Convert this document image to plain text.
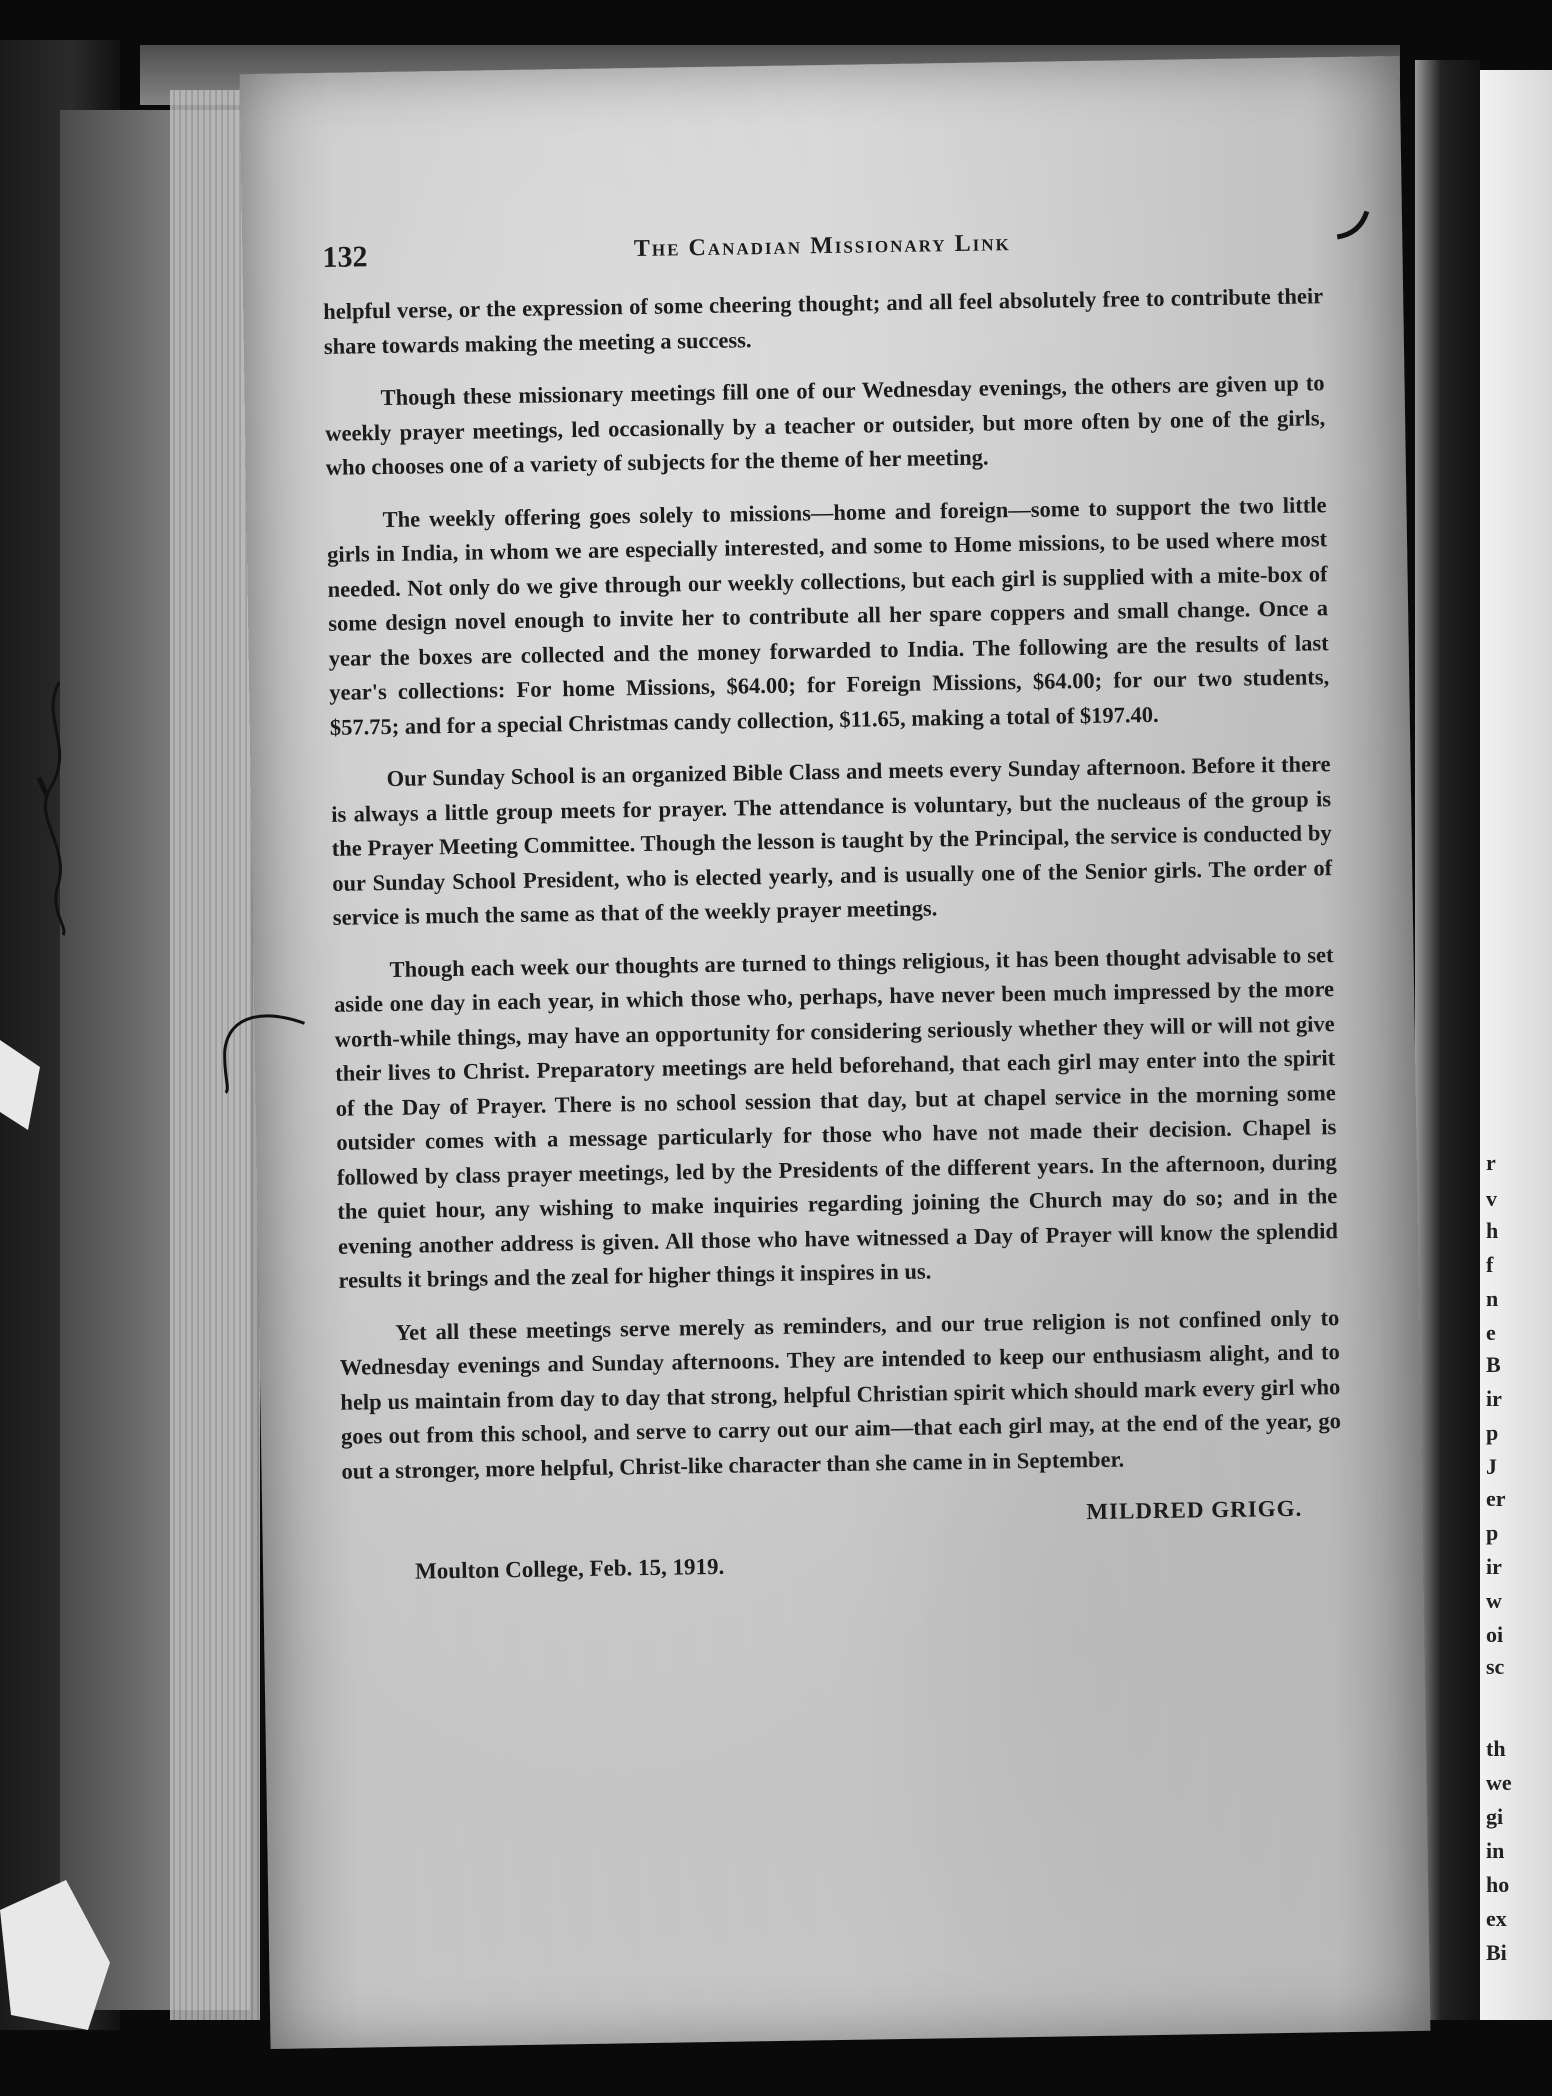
r
v
h
f
n
e
B
ir
p
J
er
p
ir
w
oi
sc
th
we
gi
in
ho
ex
Bi
132	The Canadian Missionary Link

helpful verse, or the expression of some cheering thought; and all feel absolutely free to contribute their share towards making the meeting a success.

Though these missionary meetings fill one of our Wednesday evenings, the others are given up to weekly prayer meetings, led occasionally by a teacher or outsider, but more often by one of the girls, who chooses one of a variety of subjects for the theme of her meeting.

The weekly offering goes solely to missions—home and foreign—some to support the two little girls in India, in whom we are especially interested, and some to Home missions, to be used where most needed. Not only do we give through our weekly collections, but each girl is supplied with a mite-box of some design novel enough to invite her to contribute all her spare coppers and small change. Once a year the boxes are collected and the money forwarded to India. The following are the results of last year's collections: For home Missions, $64.00; for Foreign Missions, $64.00; for our two students, $57.75; and for a special Christmas candy collection, $11.65, making a total of $197.40.

Our Sunday School is an organized Bible Class and meets every Sunday afternoon. Before it there is always a little group meets for prayer. The attendance is voluntary, but the nucleaus of the group is the Prayer Meeting Committee. Though the lesson is taught by the Principal, the service is conducted by our Sunday School President, who is elected yearly, and is usually one of the Senior girls. The order of service is much the same as that of the weekly prayer meetings.

Though each week our thoughts are turned to things religious, it has been thought advisable to set aside one day in each year, in which those who, perhaps, have never been much impressed by the more worth-while things, may have an opportunity for considering seriously whether they will or will not give their lives to Christ. Preparatory meetings are held beforehand, that each girl may enter into the spirit of the Day of Prayer. There is no school session that day, but at chapel service in the morning some outsider comes with a message particularly for those who have not made their decision. Chapel is followed by class prayer meetings, led by the Presidents of the different years. In the afternoon, during the quiet hour, any wishing to make inquiries regarding joining the Church may do so; and in the evening another address is given. All those who have witnessed a Day of Prayer will know the splendid results it brings and the zeal for higher things it inspires in us.

Yet all these meetings serve merely as reminders, and our true religion is not confined only to Wednesday evenings and Sunday afternoons. They are intended to keep our enthusiasm alight, and to help us maintain from day to day that strong, helpful Christian spirit which should mark every girl who goes out from this school, and serve to carry out our aim—that each girl may, at the end of the year, go out a stronger, more helpful, Christ-like character than she came in in September.

MILDRED GRIGG.
Moulton College, Feb. 15, 1919.
